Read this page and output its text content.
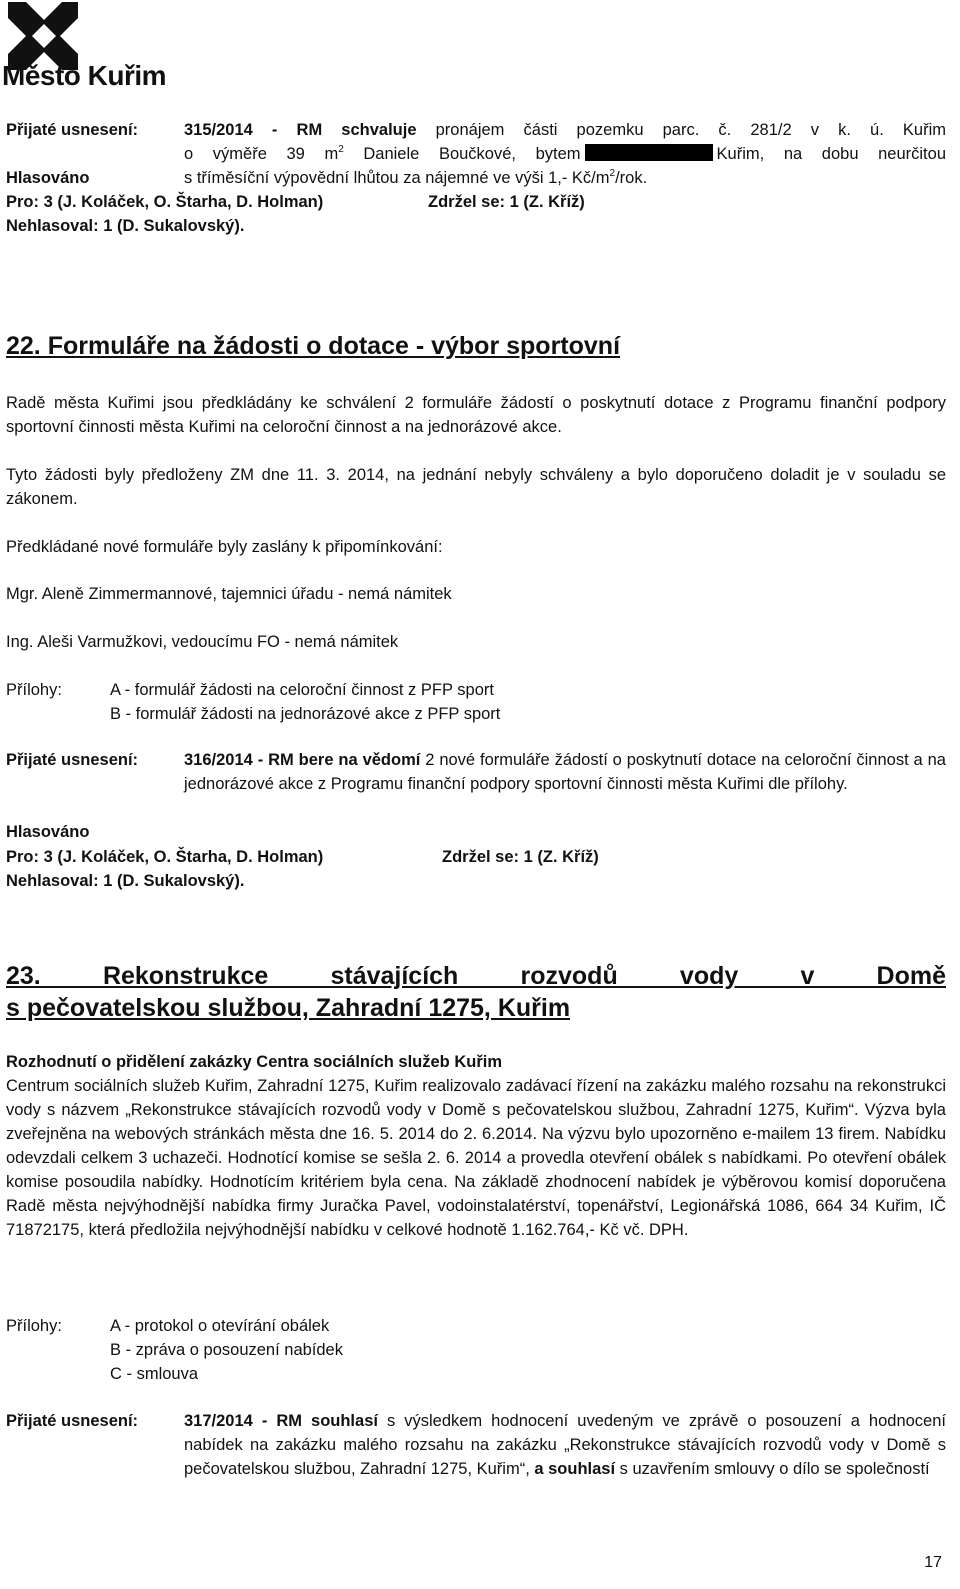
Město Kuřim
Přijaté usnesení:	315/2014 - RM schvaluje pronájem části pozemku parc. č. 281/2 v k. ú. Kuřim
o výměře 39 $m^2$ Daniele Boučkové, bytem	Kuřim, na dobu neurčitou
s tříměsíční výpovědní lhůtou za nájemné ve výši 1,- $Kč/m^2$/rok.
Hlasováno
Pro: 3 (J. Koláček, O. Štarha, D. Holman)	Zdržel se: 1 (Z. Kříž)
Nehlasoval: 1 (D. Sukalovský).
22. Formuláře na žádosti o dotace - výbor sportovní
Radě města Kuřimi jsou předkládány ke schválení 2 formuláře žádostí o poskytnutí dotace z Programu finanční podpory sportovní činnosti města Kuřimi na celoroční činnost a na jednorázové akce.
Tyto žádosti byly předloženy ZM dne 11. 3. 2014, na jednání nebyly schváleny a bylo doporučeno doladit je v souladu se zákonem.
Předkládané nové formuláře byly zaslány k připomínkování:
Mgr. Aleně Zimmermannové, tajemnici úřadu - nemá námitek
Ing. Aleši Varmužkovi, vedoucímu FO - nemá námitek
Přílohy:	A - formulář žádosti na celoroční činnost z PFP sport
B - formulář žádosti na jednorázové akce z PFP sport
Přijaté usnesení:	316/2014 - RM bere na vědomí 2 nové formuláře žádostí o poskytnutí dotace na celoroční činnost a na jednorázové akce z Programu finanční podpory sportovní činnosti města Kuřimi dle přílohy.
Hlasováno
Pro: 3 (J. Koláček, O. Štarha, D. Holman)	Zdržel se: 1 (Z. Kříž)
Nehlasoval: 1 (D. Sukalovský).
23. Rekonstrukce stávajících rozvodů vody v Domě
s pečovatelskou službou, Zahradní 1275, Kuřim
Rozhodnutí o přidělení zakázky Centra sociálních služeb Kuřim
Centrum sociálních služeb Kuřim, Zahradní 1275, Kuřim realizovalo zadávací řízení na zakázku malého rozsahu na rekonstrukci vody s názvem „Rekonstrukce stávajících rozvodů vody v Domě s pečovatelskou službou, Zahradní 1275, Kuřim“. Výzva byla zveřejněna na webových stránkách města dne 16. 5. 2014 do 2. 6.2014. Na výzvu bylo upozorněno e-mailem 13 firem. Nabídku odevzdali celkem 3 uchazeči. Hodnotící komise se sešla 2. 6. 2014 a provedla otevření obálek s nabídkami. Po otevření obálek komise posoudila nabídky. Hodnotícím kritériem byla cena. Na základě zhodnocení nabídek je výběrovou komisí doporučena Radě města nejvýhodnější nabídka firmy Juračka Pavel, vodoinstalatérství, topenářství, Legionářská 1086, 664 34 Kuřim, IČ 71872175, která předložila nejvýhodnější nabídku v celkové hodnotě 1.162.764,- Kč vč. DPH.
Přílohy:	A - protokol o otevírání obálek
B - zpráva o posouzení nabídek
C - smlouva
Přijaté usnesení:	317/2014 - RM souhlasí s výsledkem hodnocení uvedeným ve zprávě o posouzení a hodnocení nabídek na zakázku malého rozsahu na zakázku „Rekonstrukce stávajících rozvodů vody v Domě s pečovatelskou službou, Zahradní 1275, Kuřim“, a souhlasí s uzavřením smlouvy o dílo se společností
17
